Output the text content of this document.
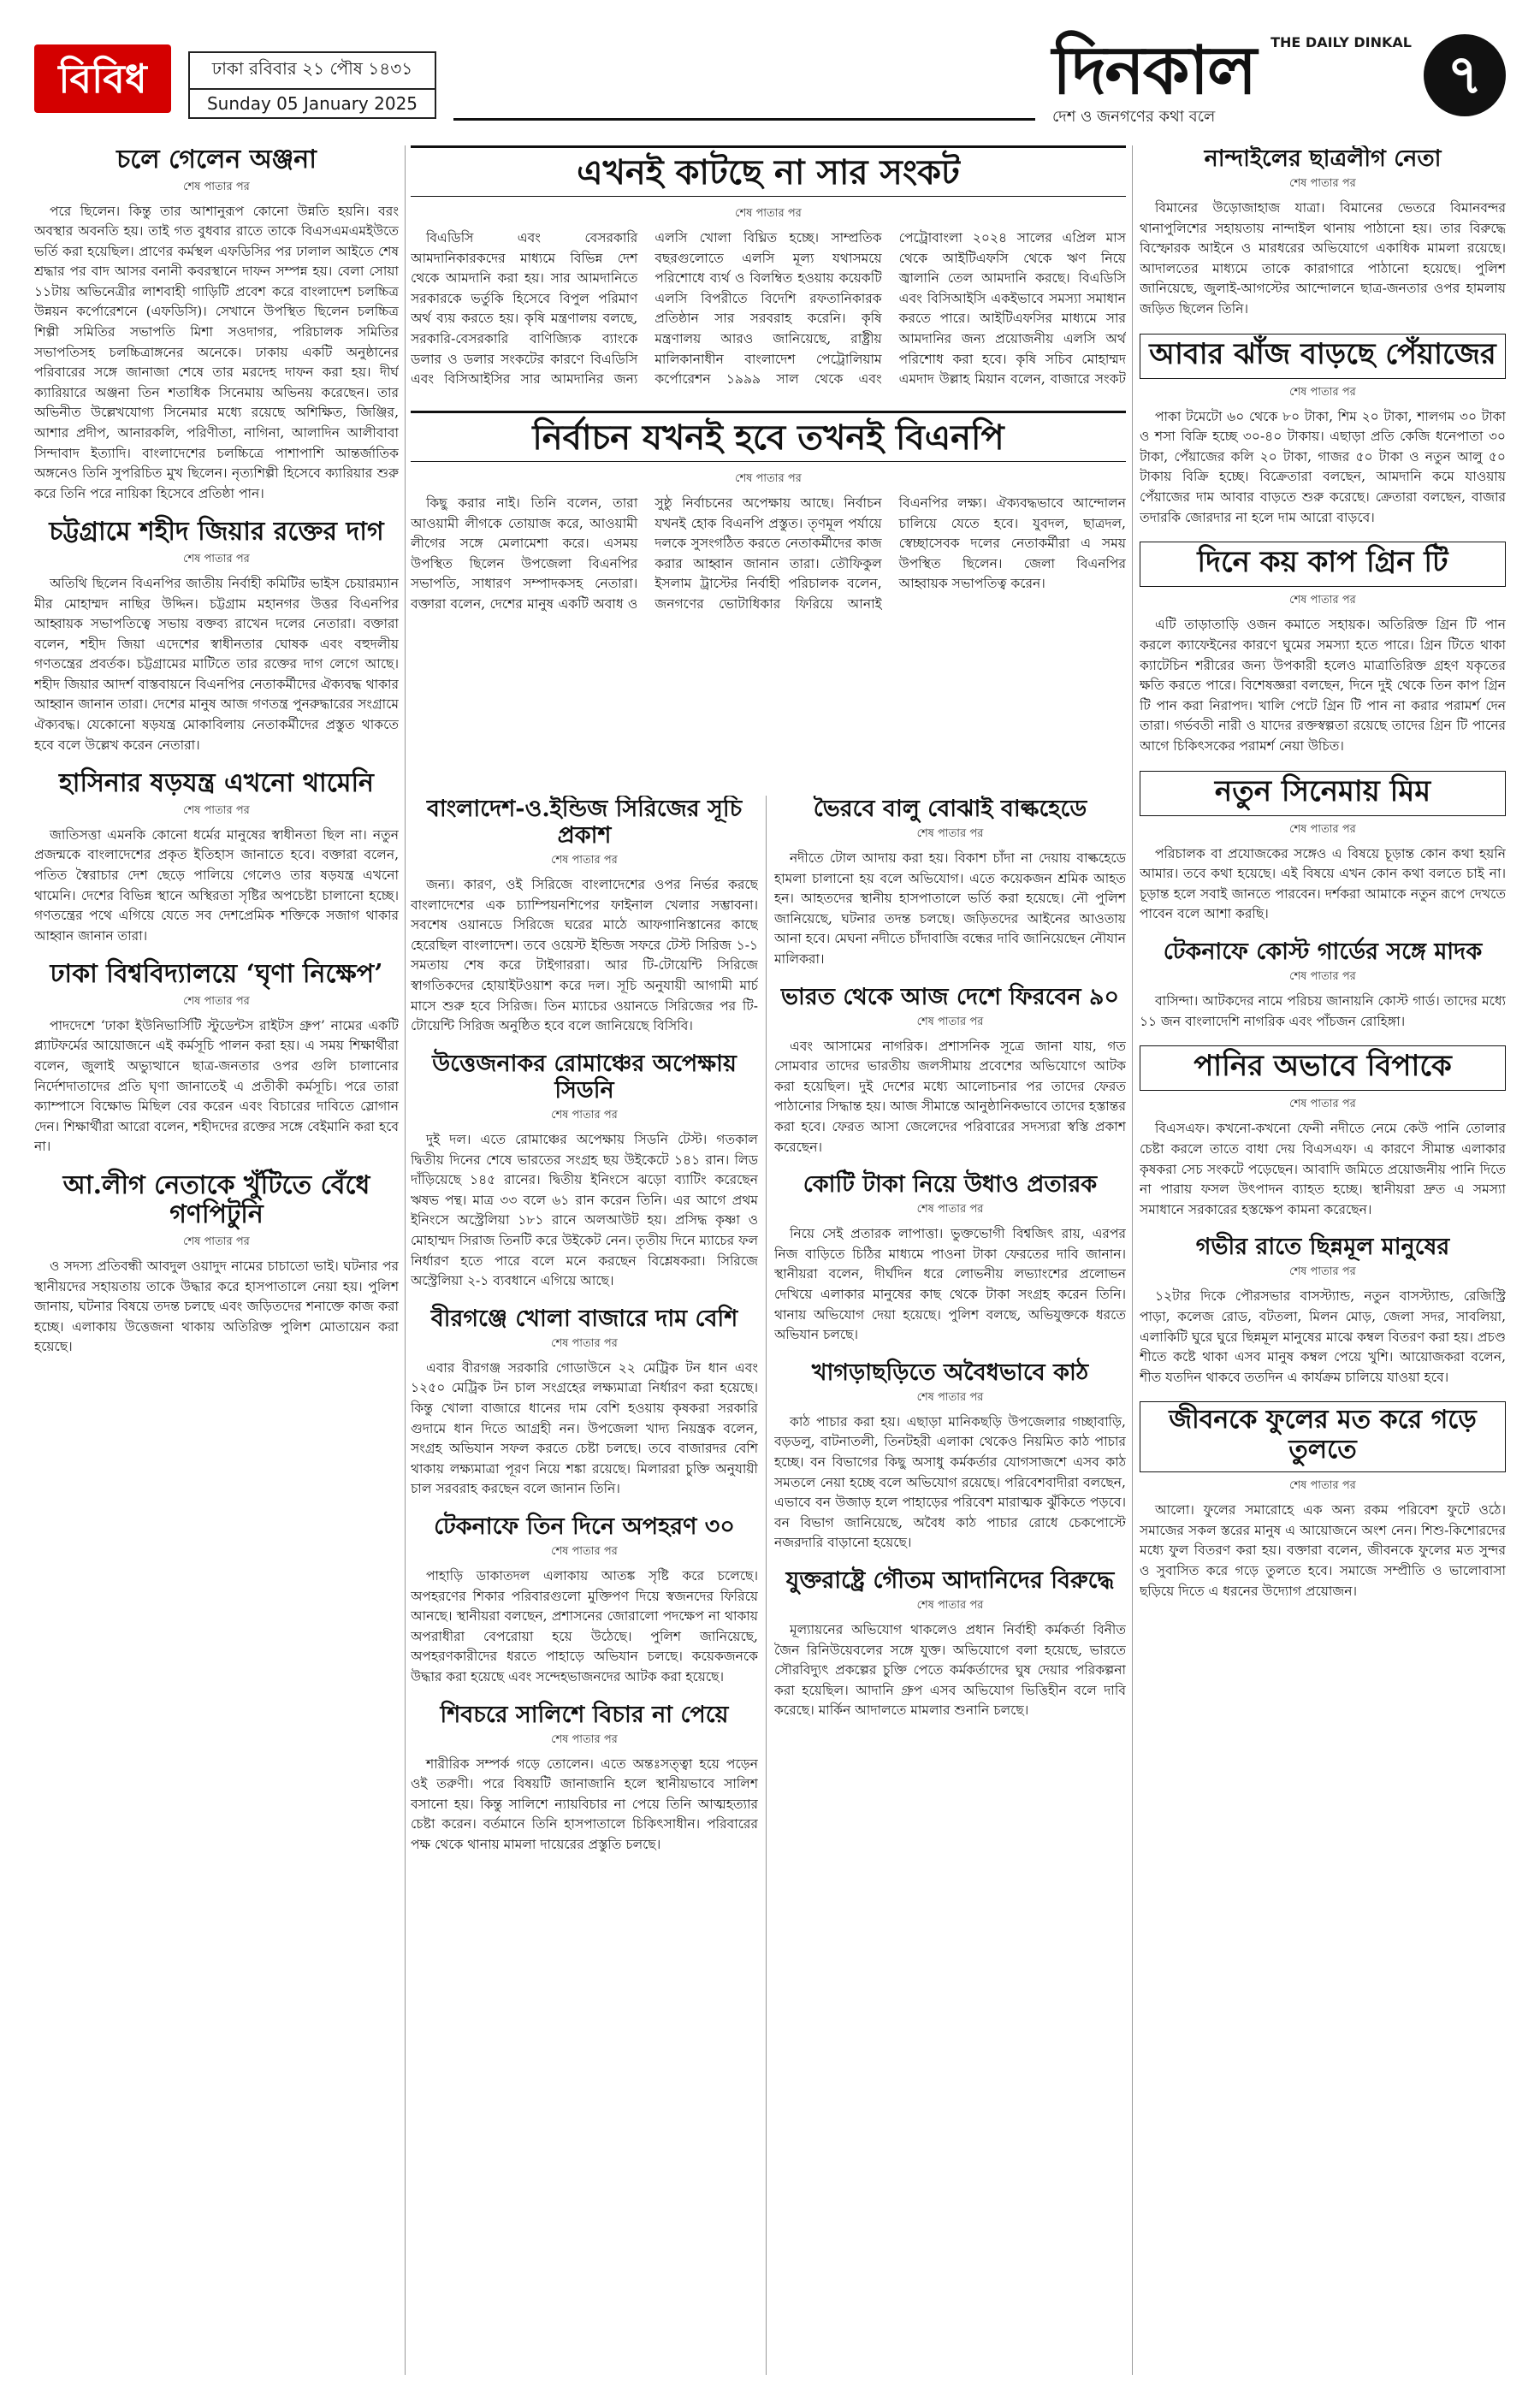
বিবিধ	ঢাকা রবিবার ২১ পৌষ ১৪৩১
Sunday 05 January 2025
THE DAILY DINKAL
দিনকাল
দেশ ও জনগণের কথা বলে
৭
চলে গেলেন অঞ্জনা
শেষ পাতার পর

পরে ছিলেন। কিন্তু তার আশানুরূপ কোনো উন্নতি হয়নি। বরং অবস্থার অবনতি হয়। তাই গত বুধবার রাতে তাকে বিএসএমএমইউতে ভর্তি করা হয়েছিল। প্রাণের কর্মস্থল এফডিসির পর ঢালাল আইতে শেষ শ্রদ্ধার পর বাদ আসর বনানী কবরস্থানে দাফন সম্পন্ন হয়। বেলা সোয়া ১১টায় অভিনেত্রীর লাশবাহী গাড়িটি প্রবেশ করে বাংলাদেশ চলচ্চিত্র উন্নয়ন কর্পোরেশনে (এফডিসি)। সেখানে উপস্থিত ছিলেন চলচ্চিত্র শিল্পী সমিতির সভাপতি মিশা সওদাগর, পরিচালক সমিতির সভাপতিসহ চলচ্চিত্রাঙ্গনের অনেকে। ঢাকায় একটি অনুষ্ঠানের পরিবারের সঙ্গে জানাজা শেষে তার মরদেহ দাফন করা হয়। দীর্ঘ ক্যারিয়ারে অঞ্জনা তিন শতাধিক সিনেমায় অভিনয় করেছেন। তার অভিনীত উল্লেখযোগ্য সিনেমার মধ্যে রয়েছে অশিক্ষিত, জিঞ্জির, আশার প্রদীপ, আনারকলি, পরিণীতা, নাগিনা, আলাদিন আলীবাবা সিন্দাবাদ ইত্যাদি। বাংলাদেশের চলচ্চিত্রে পাশাপাশি আন্তর্জাতিক অঙ্গনেও তিনি সুপরিচিত মুখ ছিলেন। নৃত্যশিল্পী হিসেবে ক্যারিয়ার শুরু করে তিনি পরে নায়িকা হিসেবে প্রতিষ্ঠা পান।

চট্টগ্রামে শহীদ জিয়ার রক্তের দাগ
শেষ পাতার পর

অতিথি ছিলেন বিএনপির জাতীয় নির্বাহী কমিটির ভাইস চেয়ারম্যান মীর মোহাম্মদ নাছির উদ্দিন। চট্টগ্রাম মহানগর উত্তর বিএনপির আহ্বায়ক সভাপতিত্বে সভায় বক্তব্য রাখেন দলের নেতারা। বক্তারা বলেন, শহীদ জিয়া এদেশের স্বাধীনতার ঘোষক এবং বহুদলীয় গণতন্ত্রের প্রবর্তক। চট্টগ্রামের মাটিতে তার রক্তের দাগ লেগে আছে। শহীদ জিয়ার আদর্শ বাস্তবায়নে বিএনপির নেতাকর্মীদের ঐক্যবদ্ধ থাকার আহ্বান জানান তারা। দেশের মানুষ আজ গণতন্ত্র পুনরুদ্ধারের সংগ্রামে ঐক্যবদ্ধ। যেকোনো ষড়যন্ত্র মোকাবিলায় নেতাকর্মীদের প্রস্তুত থাকতে হবে বলে উল্লেখ করেন নেতারা।

হাসিনার ষড়যন্ত্র এখনো থামেনি
শেষ পাতার পর

জাতিসত্তা এমনকি কোনো ধর্মের মানুষের স্বাধীনতা ছিল না। নতুন প্রজন্মকে বাংলাদেশের প্রকৃত ইতিহাস জানাতে হবে। বক্তারা বলেন, পতিত স্বৈরাচার দেশ ছেড়ে পালিয়ে গেলেও তার ষড়যন্ত্র এখনো থামেনি। দেশের বিভিন্ন স্থানে অস্থিরতা সৃষ্টির অপচেষ্টা চালানো হচ্ছে। গণতন্ত্রের পথে এগিয়ে যেতে সব দেশপ্রেমিক শক্তিকে সজাগ থাকার আহ্বান জানান তারা।

ঢাকা বিশ্ববিদ্যালয়ে ‘ঘৃণা নিক্ষেপ’
শেষ পাতার পর

পাদদেশে ‘ঢাকা ইউনিভার্সিটি স্টুডেন্টস রাইটস গ্রুপ’ নামের একটি প্ল্যাটফর্মের আয়োজনে এই কর্মসূচি পালন করা হয়। এ সময় শিক্ষার্থীরা বলেন, জুলাই অভ্যুত্থানে ছাত্র-জনতার ওপর গুলি চালানোর নির্দেশদাতাদের প্রতি ঘৃণা জানাতেই এ প্রতীকী কর্মসূচি। পরে তারা ক্যাম্পাসে বিক্ষোভ মিছিল বের করেন এবং বিচারের দাবিতে স্লোগান দেন। শিক্ষার্থীরা আরো বলেন, শহীদদের রক্তের সঙ্গে বেইমানি করা হবে না।

আ.লীগ নেতাকে খুঁটিতে বেঁধে গণপিটুনি
শেষ পাতার পর

ও সদস্য প্রতিবন্ধী আবদুল ওয়াদুদ নামের চাচাতো ভাই। ঘটনার পর স্থানীয়দের সহায়তায় তাকে উদ্ধার করে হাসপাতালে নেয়া হয়। পুলিশ জানায়, ঘটনার বিষয়ে তদন্ত চলছে এবং জড়িতদের শনাক্তে কাজ করা হচ্ছে। এলাকায় উত্তেজনা থাকায় অতিরিক্ত পুলিশ মোতায়েন করা হয়েছে।

এখনই কাটছে না সার সংকট
শেষ পাতার পর

বিএডিসি এবং বেসরকারি আমদানিকারকদের মাধ্যমে বিভিন্ন দেশ থেকে আমদানি করা হয়। সার আমদানিতে সরকারকে ভর্তুকি হিসেবে বিপুল পরিমাণ অর্থ ব্যয় করতে হয়। কৃষি মন্ত্রণালয় বলছে, সরকারি-বেসরকারি বাণিজ্যিক ব্যাংকে ডলার ও ডলার সংকটের কারণে বিএডিসি এবং বিসিআইসির সার আমদানির জন্য এলসি খোলা বিঘ্নিত হচ্ছে। সাম্প্রতিক বছরগুলোতে এলসি মূল্য যথাসময়ে পরিশোধে ব্যর্থ ও বিলম্বিত হওয়ায় কয়েকটি এলসি বিপরীতে বিদেশি রফতানিকারক প্রতিষ্ঠান সার সরবরাহ করেনি। কৃষি মন্ত্রণালয় আরও জানিয়েছে, রাষ্ট্রীয় মালিকানাধীন বাংলাদেশ পেট্রোলিয়াম কর্পোরেশন ১৯৯৯ সাল থেকে এবং পেট্রোবাংলা ২০২৪ সালের এপ্রিল মাস থেকে আইটিএফসি থেকে ঋণ নিয়ে জ্বালানি তেল আমদানি করছে। বিএডিসি এবং বিসিআইসি একইভাবে সমস্যা সমাধান করতে পারে। আইটিএফসির মাধ্যমে সার আমদানির জন্য প্রয়োজনীয় এলসি অর্থ পরিশোধ করা হবে। কৃষি সচিব মোহাম্মদ এমদাদ উল্লাহ মিয়ান বলেন, বাজারে সংকট

নির্বাচন যখনই হবে তখনই বিএনপি
শেষ পাতার পর

কিছু করার নাই। তিনি বলেন, তারা আওয়ামী লীগকে তোয়াজ করে, আওয়ামী লীগের সঙ্গে মেলামেশা করে। এসময় উপস্থিত ছিলেন উপজেলা বিএনপির সভাপতি, সাধারণ সম্পাদকসহ নেতারা। বক্তারা বলেন, দেশের মানুষ একটি অবাধ ও সুষ্ঠু নির্বাচনের অপেক্ষায় আছে। নির্বাচন যখনই হোক বিএনপি প্রস্তুত। তৃণমূল পর্যায়ে দলকে সুসংগঠিত করতে নেতাকর্মীদের কাজ করার আহ্বান জানান তারা। তৌফিকুল ইসলাম ট্রাস্টের নির্বাহী পরিচালক বলেন, জনগণের ভোটাধিকার ফিরিয়ে আনাই বিএনপির লক্ষ্য। ঐক্যবদ্ধভাবে আন্দোলন চালিয়ে যেতে হবে। যুবদল, ছাত্রদল, স্বেচ্ছাসেবক দলের নেতাকর্মীরা এ সময় উপস্থিত ছিলেন। জেলা বিএনপির আহ্বায়ক সভাপতিত্ব করেন।

বাংলাদেশ-ও.ইন্ডিজ সিরিজের সূচি প্রকাশ
শেষ পাতার পর

জন্য। কারণ, ওই সিরিজে বাংলাদেশের ওপর নির্ভর করছে বাংলাদেশের এক চ্যাম্পিয়নশিপের ফাইনাল খেলার সম্ভাবনা। সবশেষ ওয়ানডে সিরিজে ঘরের মাঠে আফগানিস্তানের কাছে হেরেছিল বাংলাদেশ। তবে ওয়েস্ট ইন্ডিজ সফরে টেস্ট সিরিজ ১-১ সমতায় শেষ করে টাইগাররা। আর টি-টোয়েন্টি সিরিজে স্বাগতিকদের হোয়াইটওয়াশ করে দল। সূচি অনুযায়ী আগামী মার্চ মাসে শুরু হবে সিরিজ। তিন ম্যাচের ওয়ানডে সিরিজের পর টি-টোয়েন্টি সিরিজ অনুষ্ঠিত হবে বলে জানিয়েছে বিসিবি।

উত্তেজনাকর রোমাঞ্চের অপেক্ষায় সিডনি
শেষ পাতার পর

দুই দল। এতে রোমাঞ্চের অপেক্ষায় সিডনি টেস্ট। গতকাল দ্বিতীয় দিনের শেষে ভারতের সংগ্রহ ছয় উইকেটে ১৪১ রান। লিড দাঁড়িয়েছে ১৪৫ রানের। দ্বিতীয় ইনিংসে ঝড়ো ব্যাটিং করেছেন ঋষভ পন্থ। মাত্র ৩৩ বলে ৬১ রান করেন তিনি। এর আগে প্রথম ইনিংসে অস্ট্রেলিয়া ১৮১ রানে অলআউট হয়। প্রসিদ্ধ কৃষ্ণা ও মোহাম্মদ সিরাজ তিনটি করে উইকেট নেন। তৃতীয় দিনে ম্যাচের ফল নির্ধারণ হতে পারে বলে মনে করছেন বিশ্লেষকরা। সিরিজে অস্ট্রেলিয়া ২-১ ব্যবধানে এগিয়ে আছে।

বীরগঞ্জে খোলা বাজারে দাম বেশি
শেষ পাতার পর

এবার বীরগঞ্জ সরকারি গোডাউনে ২২ মেট্রিক টন ধান এবং ১২৫০ মেট্রিক টন চাল সংগ্রহের লক্ষ্যমাত্রা নির্ধারণ করা হয়েছে। কিন্তু খোলা বাজারে ধানের দাম বেশি হওয়ায় কৃষকরা সরকারি গুদামে ধান দিতে আগ্রহী নন। উপজেলা খাদ্য নিয়ন্ত্রক বলেন, সংগ্রহ অভিযান সফল করতে চেষ্টা চলছে। তবে বাজারদর বেশি থাকায় লক্ষ্যমাত্রা পূরণ নিয়ে শঙ্কা রয়েছে। মিলাররা চুক্তি অনুযায়ী চাল সরবরাহ করছেন বলে জানান তিনি।

টেকনাফে তিন দিনে অপহরণ ৩০
শেষ পাতার পর

পাহাড়ি ডাকাতদল এলাকায় আতঙ্ক সৃষ্টি করে চলেছে। অপহরণের শিকার পরিবারগুলো মুক্তিপণ দিয়ে স্বজনদের ফিরিয়ে আনছে। স্থানীয়রা বলছেন, প্রশাসনের জোরালো পদক্ষেপ না থাকায় অপরাধীরা বেপরোয়া হয়ে উঠেছে। পুলিশ জানিয়েছে, অপহরণকারীদের ধরতে পাহাড়ে অভিযান চলছে। কয়েকজনকে উদ্ধার করা হয়েছে এবং সন্দেহভাজনদের আটক করা হয়েছে।

শিবচরে সালিশে বিচার না পেয়ে
শেষ পাতার পর

শারীরিক সম্পর্ক গড়ে তোলেন। এতে অন্তঃসত্ত্বা হয়ে পড়েন ওই তরুণী। পরে বিষয়টি জানাজানি হলে স্থানীয়ভাবে সালিশ বসানো হয়। কিন্তু সালিশে ন্যায়বিচার না পেয়ে তিনি আত্মহত্যার চেষ্টা করেন। বর্তমানে তিনি হাসপাতালে চিকিৎসাধীন। পরিবারের পক্ষ থেকে থানায় মামলা দায়েরের প্রস্তুতি চলছে।

ভৈরবে বালু বোঝাই বাল্কহেডে
শেষ পাতার পর

নদীতে টোল আদায় করা হয়। বিকাশ চাঁদা না দেয়ায় বাল্কহেডে হামলা চালানো হয় বলে অভিযোগ। এতে কয়েকজন শ্রমিক আহত হন। আহতদের স্থানীয় হাসপাতালে ভর্তি করা হয়েছে। নৌ পুলিশ জানিয়েছে, ঘটনার তদন্ত চলছে। জড়িতদের আইনের আওতায় আনা হবে। মেঘনা নদীতে চাঁদাবাজি বন্ধের দাবি জানিয়েছেন নৌযান মালিকরা।

ভারত থেকে আজ দেশে ফিরবেন ৯০
শেষ পাতার পর

এবং আসামের নাগরিক। প্রশাসনিক সূত্রে জানা যায়, গত সোমবার তাদের ভারতীয় জলসীমায় প্রবেশের অভিযোগে আটক করা হয়েছিল। দুই দেশের মধ্যে আলোচনার পর তাদের ফেরত পাঠানোর সিদ্ধান্ত হয়। আজ সীমান্তে আনুষ্ঠানিকভাবে তাদের হস্তান্তর করা হবে। ফেরত আসা জেলেদের পরিবারের সদস্যরা স্বস্তি প্রকাশ করেছেন।

কোটি টাকা নিয়ে উধাও প্রতারক
শেষ পাতার পর

নিয়ে সেই প্রতারক লাপাত্তা। ভুক্তভোগী বিশ্বজিৎ রায়, এরপর নিজ বাড়িতে চিঠির মাধ্যমে পাওনা টাকা ফেরতের দাবি জানান। স্থানীয়রা বলেন, দীর্ঘদিন ধরে লোভনীয় লভ্যাংশের প্রলোভন দেখিয়ে এলাকার মানুষের কাছ থেকে টাকা সংগ্রহ করেন তিনি। থানায় অভিযোগ দেয়া হয়েছে। পুলিশ বলছে, অভিযুক্তকে ধরতে অভিযান চলছে।

খাগড়াছড়িতে অবৈধভাবে কাঠ
শেষ পাতার পর

কাঠ পাচার করা হয়। এছাড়া মানিকছড়ি উপজেলার গচ্ছাবাড়ি, বড়ডলু, বাটনাতলী, তিনটহরী এলাকা থেকেও নিয়মিত কাঠ পাচার হচ্ছে। বন বিভাগের কিছু অসাধু কর্মকর্তার যোগসাজশে এসব কাঠ সমতলে নেয়া হচ্ছে বলে অভিযোগ রয়েছে। পরিবেশবাদীরা বলছেন, এভাবে বন উজাড় হলে পাহাড়ের পরিবেশ মারাত্মক ঝুঁকিতে পড়বে। বন বিভাগ জানিয়েছে, অবৈধ কাঠ পাচার রোধে চেকপোস্টে নজরদারি বাড়ানো হয়েছে।

যুক্তরাষ্ট্রে গৌতম আদানিদের বিরুদ্ধে
শেষ পাতার পর

মূল্যায়নের অভিযোগ থাকলেও প্রধান নির্বাহী কর্মকর্তা বিনীত জৈন রিনিউয়েবলের সঙ্গে যুক্ত। অভিযোগে বলা হয়েছে, ভারতে সৌরবিদ্যুৎ প্রকল্পের চুক্তি পেতে কর্মকর্তাদের ঘুষ দেয়ার পরিকল্পনা করা হয়েছিল। আদানি গ্রুপ এসব অভিযোগ ভিত্তিহীন বলে দাবি করেছে। মার্কিন আদালতে মামলার শুনানি চলছে।

নান্দাইলের ছাত্রলীগ নেতা
শেষ পাতার পর

বিমানের উড়োজাহাজ যাত্রা। বিমানের ভেতরে বিমানবন্দর থানাপুলিশের সহায়তায় নান্দাইল থানায় পাঠানো হয়। তার বিরুদ্ধে বিস্ফোরক আইনে ও মারধরের অভিযোগে একাধিক মামলা রয়েছে। আদালতের মাধ্যমে তাকে কারাগারে পাঠানো হয়েছে। পুলিশ জানিয়েছে, জুলাই-আগস্টের আন্দোলনে ছাত্র-জনতার ওপর হামলায় জড়িত ছিলেন তিনি।

আবার ঝাঁজ বাড়ছে পেঁয়াজের
শেষ পাতার পর

পাকা টমেটো ৬০ থেকে ৮০ টাকা, শিম ২০ টাকা, শালগম ৩০ টাকা ও শসা বিক্রি হচ্ছে ৩০-৪০ টাকায়। এছাড়া প্রতি কেজি ধনেপাতা ৩০ টাকা, পেঁয়াজের কলি ২০ টাকা, গাজর ৫০ টাকা ও নতুন আলু ৫০ টাকায় বিক্রি হচ্ছে। বিক্রেতারা বলছেন, আমদানি কমে যাওয়ায় পেঁয়াজের দাম আবার বাড়তে শুরু করেছে। ক্রেতারা বলছেন, বাজার তদারকি জোরদার না হলে দাম আরো বাড়বে।

দিনে কয় কাপ গ্রিন টি
শেষ পাতার পর

এটি তাড়াতাড়ি ওজন কমাতে সহায়ক। অতিরিক্ত গ্রিন টি পান করলে ক্যাফেইনের কারণে ঘুমের সমস্যা হতে পারে। গ্রিন টিতে থাকা ক্যাটেচিন শরীরের জন্য উপকারী হলেও মাত্রাতিরিক্ত গ্রহণ যকৃতের ক্ষতি করতে পারে। বিশেষজ্ঞরা বলছেন, দিনে দুই থেকে তিন কাপ গ্রিন টি পান করা নিরাপদ। খালি পেটে গ্রিন টি পান না করার পরামর্শ দেন তারা। গর্ভবতী নারী ও যাদের রক্তস্বল্পতা রয়েছে তাদের গ্রিন টি পানের আগে চিকিৎসকের পরামর্শ নেয়া উচিত।

নতুন সিনেমায় মিম
শেষ পাতার পর

পরিচালক বা প্রযোজকের সঙ্গেও এ বিষয়ে চূড়ান্ত কোন কথা হয়নি আমার। তবে কথা হয়েছে। এই বিষয়ে এখন কোন কথা বলতে চাই না। চূড়ান্ত হলে সবাই জানতে পারবেন। দর্শকরা আমাকে নতুন রূপে দেখতে পাবেন বলে আশা করছি।

টেকনাফে কোস্ট গার্ডের সঙ্গে মাদক
শেষ পাতার পর

বাসিন্দা। আটকদের নামে পরিচয় জানায়নি কোস্ট গার্ড। তাদের মধ্যে ১১ জন বাংলাদেশি নাগরিক এবং পাঁচজন রোহিঙ্গা।

পানির অভাবে বিপাকে
শেষ পাতার পর

বিএসএফ। কখনো-কখনো ফেনী নদীতে নেমে কেউ পানি তোলার চেষ্টা করলে তাতে বাধা দেয় বিএসএফ। এ কারণে সীমান্ত এলাকার কৃষকরা সেচ সংকটে পড়েছেন। আবাদি জমিতে প্রয়োজনীয় পানি দিতে না পারায় ফসল উৎপাদন ব্যাহত হচ্ছে। স্থানীয়রা দ্রুত এ সমস্যা সমাধানে সরকারের হস্তক্ষেপ কামনা করেছেন।

গভীর রাতে ছিন্নমূল মানুষের
শেষ পাতার পর

১২টার দিকে পৌরসভার বাসস্ট্যান্ড, নতুন বাসস্ট্যান্ড, রেজিস্ট্রি পাড়া, কলেজ রোড, বটতলা, মিলন মোড়, জেলা সদর, সাবলিয়া, এলাকিটি ঘুরে ঘুরে ছিন্নমূল মানুষের মাঝে কম্বল বিতরণ করা হয়। প্রচণ্ড শীতে কষ্টে থাকা এসব মানুষ কম্বল পেয়ে খুশি। আয়োজকরা বলেন, শীত যতদিন থাকবে ততদিন এ কার্যক্রম চালিয়ে যাওয়া হবে।

জীবনকে ফুলের মত করে গড়ে তুলতে
শেষ পাতার পর

আলো। ফুলের সমারোহে এক অন্য রকম পরিবেশ ফুটে ওঠে। সমাজের সকল স্তরের মানুষ এ আয়োজনে অংশ নেন। শিশু-কিশোরদের মধ্যে ফুল বিতরণ করা হয়। বক্তারা বলেন, জীবনকে ফুলের মত সুন্দর ও সুবাসিত করে গড়ে তুলতে হবে। সমাজে সম্প্রীতি ও ভালোবাসা ছড়িয়ে দিতে এ ধরনের উদ্যোগ প্রয়োজন।
